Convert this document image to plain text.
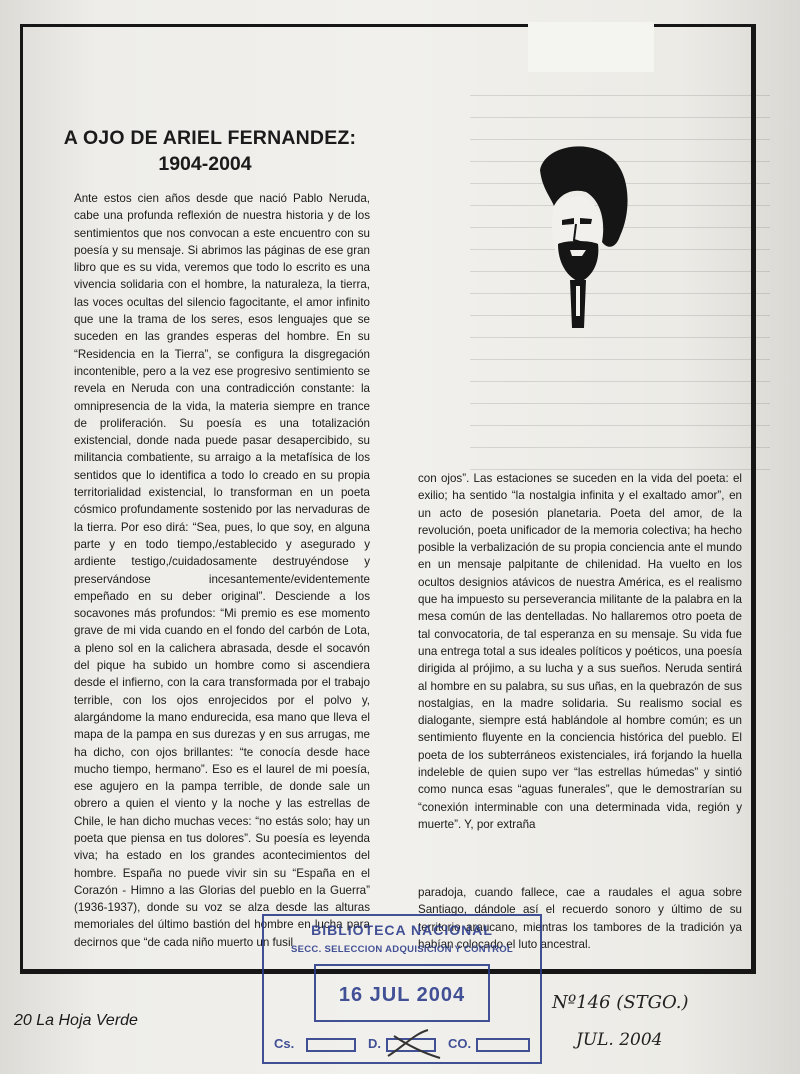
A OJO DE ARIEL FERNANDEZ:
1904-2004
Ante estos cien años desde que nació Pablo Neruda, cabe una profunda reflexión de nuestra historia y de los sentimientos que nos convocan a este encuentro con su poesía y su mensaje. Si abrimos las páginas de ese gran libro que es su vida, veremos que todo lo escrito es una vivencia solidaria con el hombre, la naturaleza, la tierra, las voces ocultas del silencio fagocitante, el amor infinito que une la trama de los seres, esos lenguajes que se suceden en las grandes esperas del hombre. En su “Residencia en la Tierra”, se configura la disgregación incontenible, pero a la vez ese progresivo sentimiento se revela en Neruda con una contradicción constante: la omnipresencia de la vida, la materia siempre en trance de proliferación. Su poesía es una totalización existencial, donde nada puede pasar desapercibido, su militancia combatiente, su arraigo a la metafísica de los sentidos que lo identifica a todo lo creado en su propia territorialidad existencial, lo transforman en un poeta cósmico profundamente sostenido por las nervaduras de la tierra. Por eso dirá: “Sea, pues, lo que soy, en alguna parte y en todo tiempo,/establecido y asegurado y ardiente testigo,/cuidadosamente destruyéndose y preservándose incesantemente/evidentemente empeñado en su deber original”. Desciende a los socavones más profundos: “Mi premio es ese momento grave de mi vida cuando en el fondo del carbón de Lota, a pleno sol en la calichera abrasada, desde el socavón del pique ha subido un hombre como si ascendiera desde el infierno, con la cara transformada por el trabajo terrible, con los ojos enrojecidos por el polvo y, alargándome la mano endurecida, esa mano que lleva el mapa de la pampa en sus durezas y en sus arrugas, me ha dicho, con ojos brillantes: “te conocía desde hace mucho tiempo, hermano”. Eso es el laurel de mi poesía, ese agujero en la pampa terrible, de donde sale un obrero a quien el viento y la noche y las estrellas de Chile, le han dicho muchas veces: “no estás solo; hay un poeta que piensa en tus dolores”. Su poesía es leyenda viva; ha estado en los grandes acontecimientos del hombre. España no puede vivir sin su “España en el Corazón - Himno a las Glorias del pueblo en la Guerra” (1936-1937), donde su voz se alza desde las alturas memoriales del último bastión del hombre en lucha para decirnos que “de cada niño muerto un fusil
con ojos”. Las estaciones se suceden en la vida del poeta: el exilio; ha sentido “la nostalgia infinita y el exaltado amor”, en un acto de posesión planetaria. Poeta del amor, de la revolución, poeta unificador de la memoria colectiva; ha hecho posible la verbalización de su propia conciencia ante el mundo en un mensaje palpitante de chilenidad. Ha vuelto en los ocultos designios atávicos de nuestra América, es el realismo que ha impuesto su perseverancia militante de la palabra en la mesa común de las dentelladas. No hallaremos otro poeta de tal convocatoria, de tal esperanza en su mensaje. Su vida fue una entrega total a sus ideales políticos y poéticos, una poesía dirigida al prójimo, a su lucha y a sus sueños. Neruda sentirá al hombre en su palabra, su sus uñas, en la quebrazón de sus nostalgias, en la madre solidaria. Su realismo social es dialogante, siempre está hablándole al hombre común; es un sentimiento fluyente en la conciencia histórica del pueblo. El poeta de los subterráneos existenciales, irá forjando la huella indeleble de quien supo ver “las estrellas húmedas” y sintió como nunca esas “aguas funerales”, que le demostrarían su “conexión interminable con una determinada vida, región y muerte”. Y, por extraña
paradoja, cuando fallece, cae a raudales el agua sobre Santiago, dándole así el recuerdo sonoro y último de su territorio araucano, mientras los tambores de la tradición ya habían colocado el luto ancestral.
20 La Hoja Verde
BIBLIOTECA NACIONAL
SECC. SELECCION ADQUISICION Y CONTROL
16 JUL 2004
Cs.	D.	CO.
Nº146 (STGO.)
JUL. 2004
